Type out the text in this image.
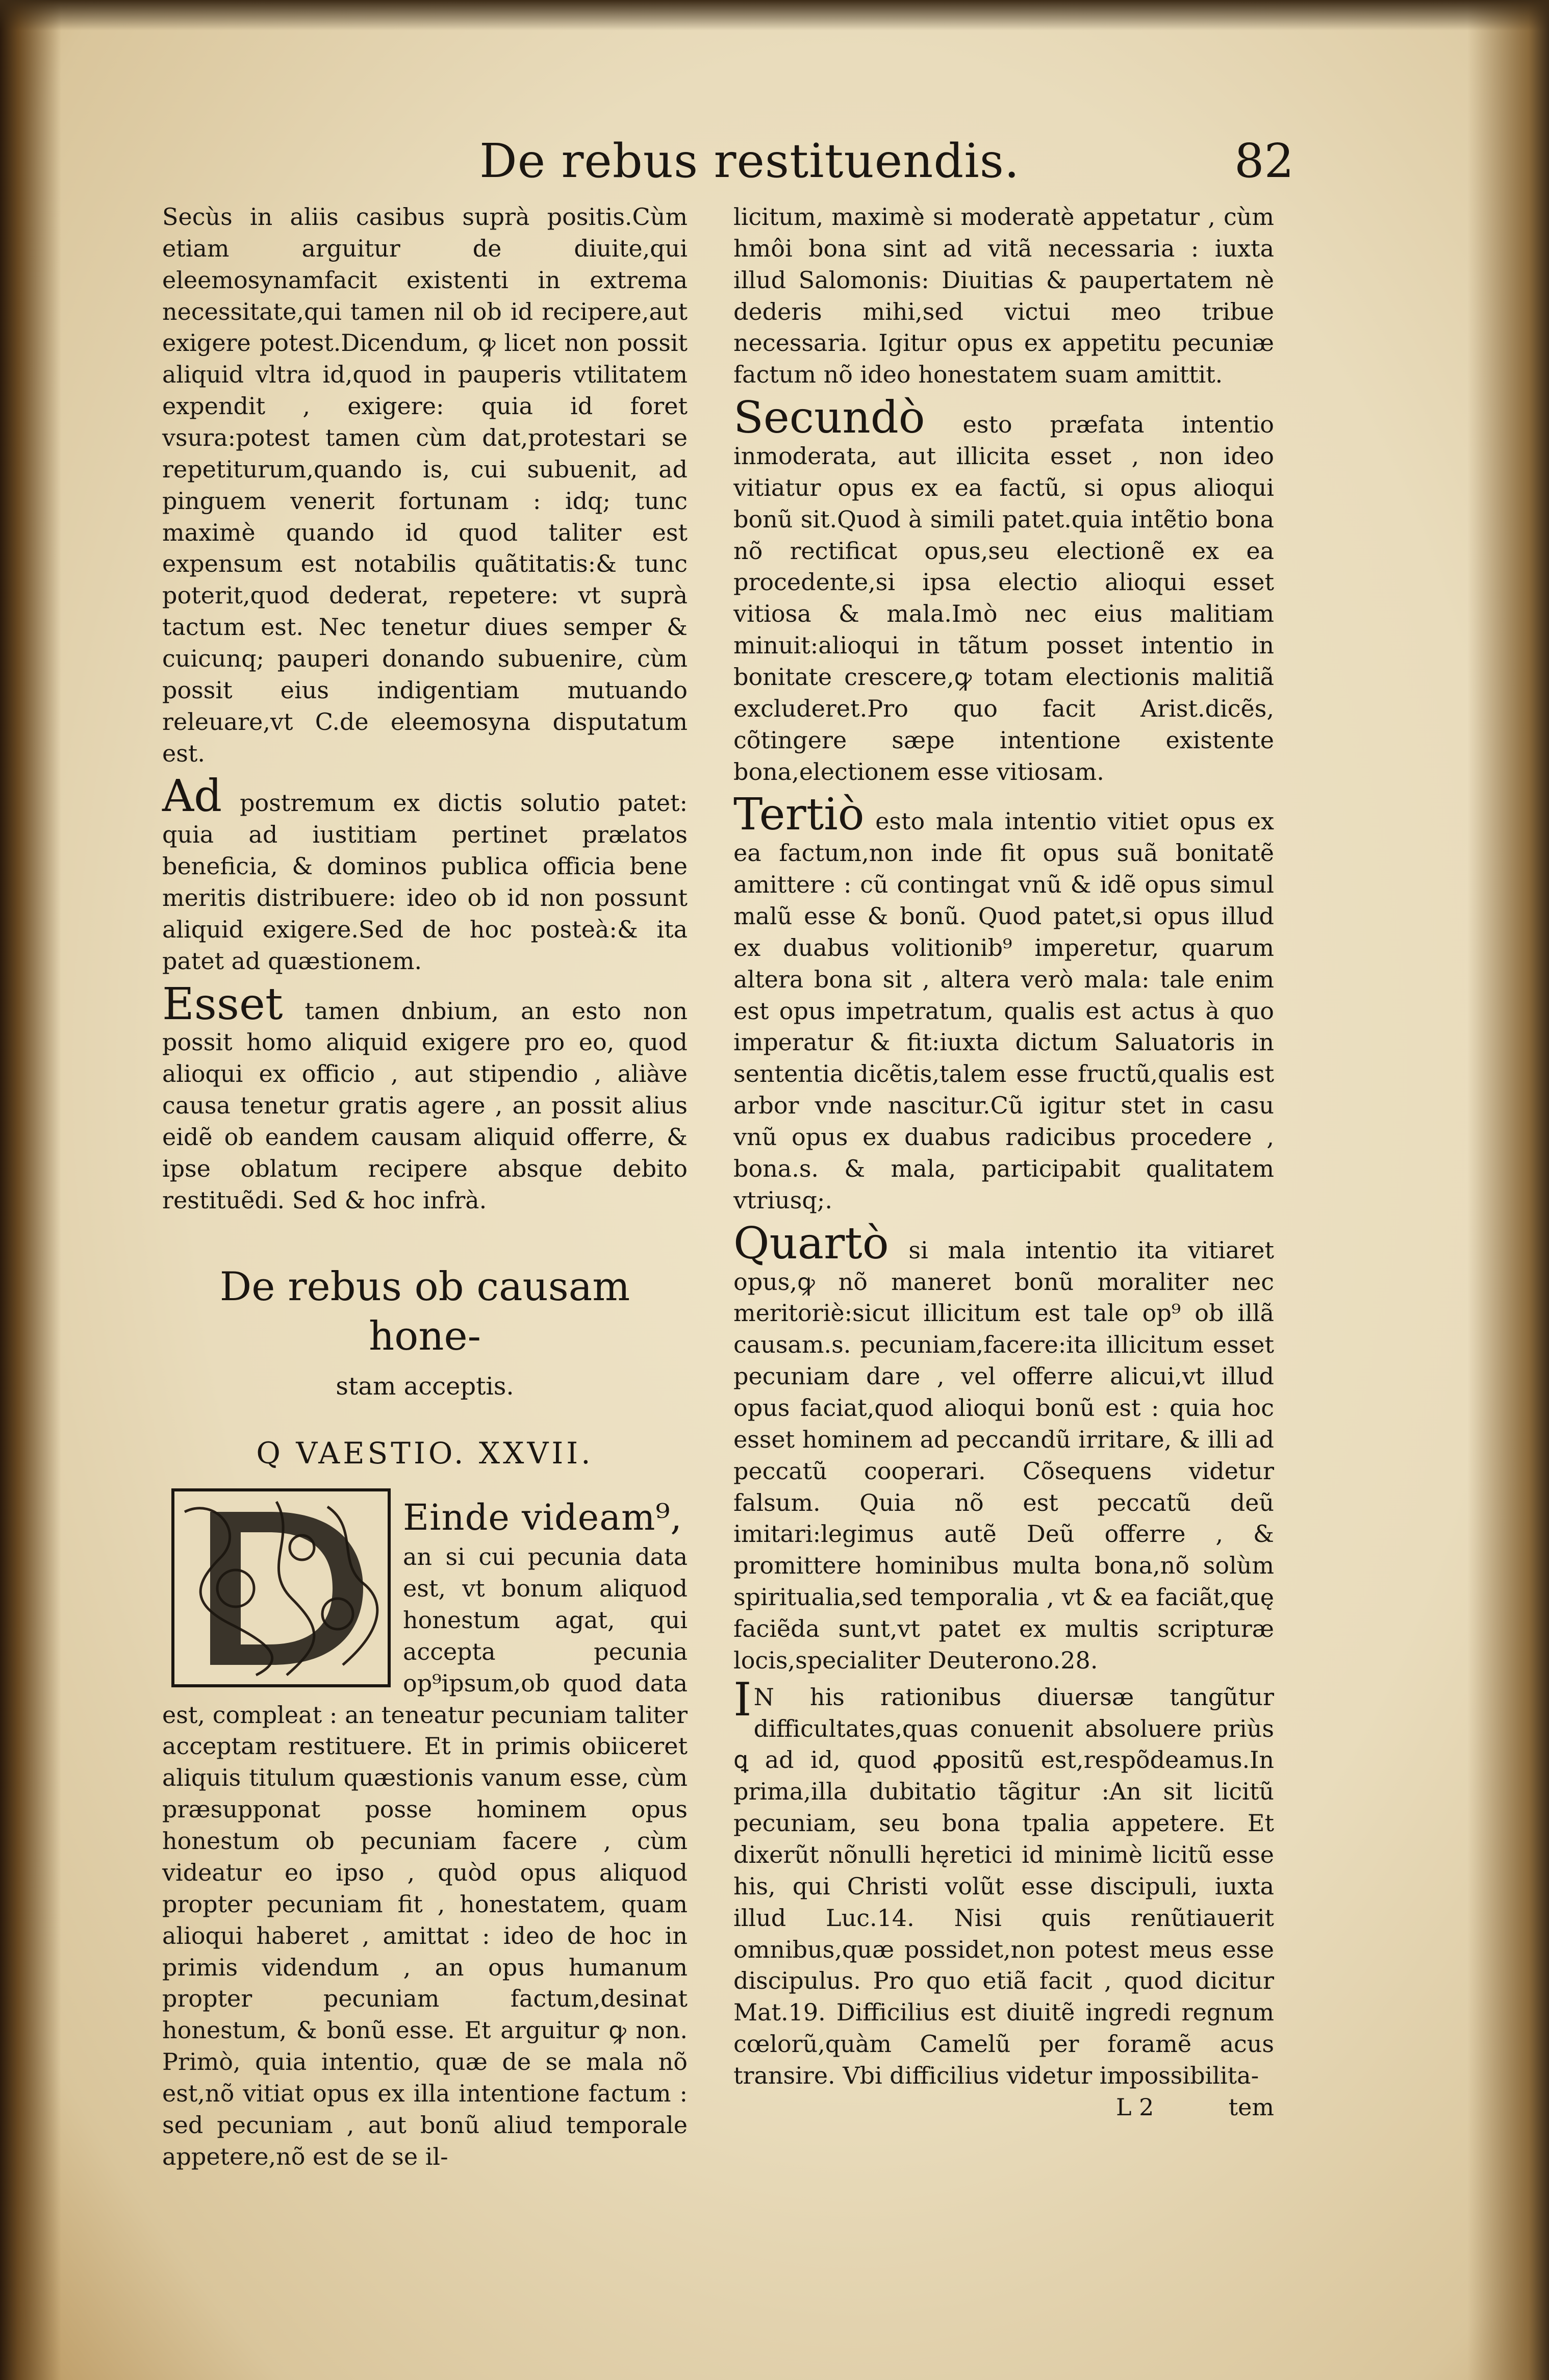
De rebus restituendis.	82

Secùs in aliis casibus suprà positis.Cùm etiam arguitur de diuite,qui eleemosynamfacit existenti in extrema necessitate,qui tamen nil ob id recipere,aut exigere potest.Dicendum, ꝙ licet non possit aliquid vltra id,quod in pauperis vtilitatem expendit , exigere: quia id foret vsura:potest tamen cùm dat,protestari se repetiturum,quando is, cui subuenit, ad pinguem venerit fortunam : idq; tunc maximè quando id quod taliter est expensum est notabilis quãtitatis:& tunc poterit,quod dederat, repetere: vt suprà tactum est. Nec tenetur diues semper & cuicunq; pauperi donando subuenire, cùm possit eius indigentiam mutuando releuare,vt C.de eleemosyna disputatum est.

Ad postremum ex dictis solutio patet: quia ad iustitiam pertinet prælatos beneficia, & dominos publica officia bene meritis distribuere: ideo ob id non possunt aliquid exigere.Sed de hoc posteà:& ita patet ad quæstionem.

Esset tamen dnbium, an esto non possit homo aliquid exigere pro eo, quod alioqui ex officio , aut stipendio , aliàve causa tenetur gratis agere , an possit alius eidẽ ob eandem causam aliquid offerre, & ipse oblatum recipere absque debito restituẽdi. Sed & hoc infrà.

De rebus ob causam hone-

stam acceptis.
Q VAESTIO. XXVII.
Einde videam⁹,

an si cui pecunia data est, vt bonum aliquod honestum agat, qui accepta pecunia op⁹ipsum,ob quod data est, compleat : an teneatur pecuniam taliter acceptam restituere. Et in primis obiiceret aliquis titulum quæstionis vanum esse, cùm præsupponat posse hominem opus honestum ob pecuniam facere , cùm videatur eo ipso , quòd opus aliquod propter pecuniam fit , honestatem, quam alioqui haberet , amittat : ideo de hoc in primis videndum , an opus humanum propter pecuniam factum,desinat honestum, & bonũ esse. Et arguitur ꝙ non. Primò, quia intentio, quæ de se mala nõ est,nõ vitiat opus ex illa intentione factum : sed pecuniam , aut bonũ aliud temporale appetere,nõ est de se il-

licitum, maximè si moderatè appetatur , cùm hmôi bona sint ad vitã necessaria : iuxta illud Salomonis: Diuitias & paupertatem nè dederis mihi,sed victui meo tribue necessaria. Igitur opus ex appetitu pecuniæ factum nõ ideo honestatem suam amittit.

Secundò esto præfata intentio inmoderata, aut illicita esset , non ideo vitiatur opus ex ea factũ, si opus alioqui bonũ sit.Quod à simili patet.quia intẽtio bona nõ rectificat opus,seu electionẽ ex ea procedente,si ipsa electio alioqui esset vitiosa & mala.Imò nec eius malitiam minuit:alioqui in tãtum posset intentio in bonitate crescere,ꝙ totam electionis malitiã excluderet.Pro quo facit Arist.dicẽs, cõtingere sæpe intentione existente bona,electionem esse vitiosam.

Tertiò esto mala intentio vitiet opus ex ea factum,non inde fit opus suã bonitatẽ amittere : cũ contingat vnũ & idẽ opus simul malũ esse & bonũ. Quod patet,si opus illud ex duabus volitionib⁹ imperetur, quarum altera bona sit , altera verò mala: tale enim est opus impetratum, qualis est actus à quo imperatur & fit:iuxta dictum Saluatoris in sententia dicẽtis,talem esse fructũ,qualis est arbor vnde nascitur.Cũ igitur stet in casu vnũ opus ex duabus radicibus procedere , bona.s. & mala, participabit qualitatem vtriusq;.

Quartò si mala intentio ita vitiaret opus,ꝙ nõ maneret bonũ moraliter nec meritoriè:sicut illicitum est tale op⁹ ob illã causam.s. pecuniam,facere:ita illicitum esset pecuniam dare , vel offerre alicui,vt illud opus faciat,quod alioqui bonũ est : quia hoc esset hominem ad peccandũ irritare, & illi ad peccatũ cooperari. Cõsequens videtur falsum. Quia nõ est peccatũ deũ imitari:legimus autẽ Deũ offerre , & promittere hominibus multa bona,nõ solùm spiritualia,sed temporalia , vt & ea faciãt,quę faciẽda sunt,vt patet ex multis scripturæ locis,specialiter Deuterono.28.

I N his rationibus diuersæ tangũtur difficultates,quas conuenit absoluere priùs ꝗ ad id, quod ꝓpositũ est,respõdeamus.In prima,illa dubitatio tãgitur :An sit licitũ pecuniam, seu bona tpalia appetere. Et dixerũt nõnulli hęretici id minimè licitũ esse his, qui Christi volũt esse discipuli, iuxta illud Luc.14. Nisi quis renũtiauerit omnibus,quæ possidet,non potest meus esse discipulus. Pro quo etiã facit , quod dicitur Mat.19. Difficilius est diuitẽ ingredi regnum cœlorũ,quàm Camelũ per foramẽ acus transire. Vbi difficilius videtur impossibilita-

L 2	tem
